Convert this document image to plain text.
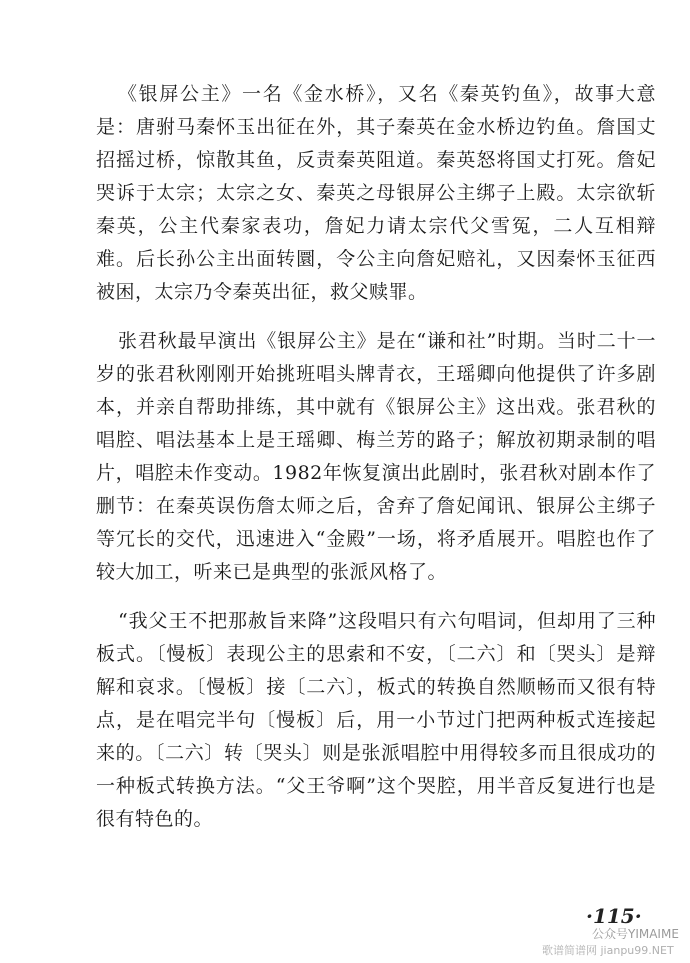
《银屏公主》一名《金水桥》，又名《秦英钓鱼》，故事大意是：唐驸马秦怀玉出征在外，其子秦英在金水桥边钓鱼。詹国丈招摇过桥，惊散其鱼，反责秦英阻道。秦英怒将国丈打死。詹妃哭诉于太宗；太宗之女、秦英之母银屏公主绑子上殿。太宗欲斩秦英，公主代秦家表功，詹妃力请太宗代父雪冤，二人互相辩难。后长孙公主出面转圜，令公主向詹妃赔礼，又因秦怀玉征西被困，太宗乃令秦英出征，救父赎罪。

张君秋最早演出《银屏公主》是在“谦和社”时期。当时二十一岁的张君秋刚刚开始挑班唱头牌青衣，王瑶卿向他提供了许多剧本，并亲自帮助排练，其中就有《银屏公主》这出戏。张君秋的唱腔、唱法基本上是王瑶卿、梅兰芳的路子；解放初期录制的唱片，唱腔未作变动。1982年恢复演出此剧时，张君秋对剧本作了删节：在秦英误伤詹太师之后，舍弃了詹妃闻讯、银屏公主绑子等冗长的交代，迅速进入“金殿”一场，将矛盾展开。唱腔也作了较大加工，听来已是典型的张派风格了。

“我父王不把那赦旨来降”这段唱只有六句唱词，但却用了三种板式。〔慢板〕表现公主的思索和不安，〔二六〕和〔哭头〕是辩解和哀求。〔慢板〕接〔二六〕，板式的转换自然顺畅而又很有特点，是在唱完半句〔慢板〕后，用一小节过门把两种板式连接起来的。〔二六〕转〔哭头〕则是张派唱腔中用得较多而且很成功的一种板式转换方法。“父王爷啊”这个哭腔，用半音反复进行也是很有特色的。

·115·
公众号YIMAIME
歌谱简谱网 jianpu99.NET
